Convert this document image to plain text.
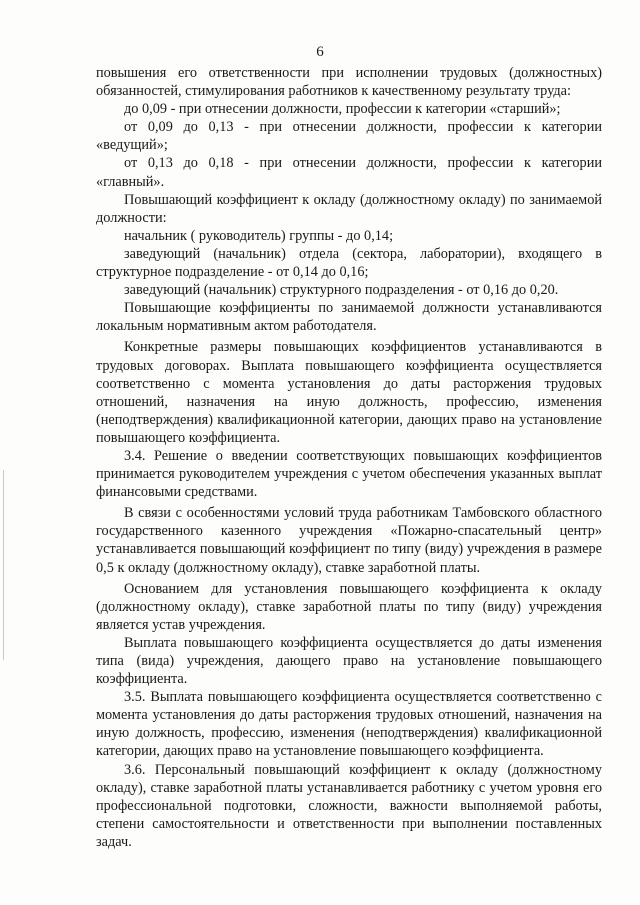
6

повышения его ответственности при исполнении трудовых (должностных) обязанностей, стимулирования работников к качественному результату труда:

до 0,09 - при отнесении должности, профессии к категории «старший»;

от 0,09 до 0,13 - при отнесении должности, профессии к категории «ведущий»;

от 0,13 до 0,18 - при отнесении должности, профессии к категории «главный».

Повышающий коэффициент к окладу (должностному окладу) по занимаемой должности:

начальник ( руководитель) группы - до 0,14;

заведующий (начальник) отдела (сектора, лаборатории), входящего в структурное подразделение - от 0,14 до 0,16;

заведующий (начальник) структурного подразделения - от 0,16 до 0,20.

Повышающие коэффициенты по занимаемой должности устанавливаются локальным нормативным актом работодателя.

Конкретные размеры повышающих коэффициентов устанавливаются в трудовых договорах. Выплата повышающего коэффициента осуществляется соответственно с момента установления до даты расторжения трудовых отношений, назначения на иную должность, профессию, изменения (неподтверждения) квалификационной категории, дающих право на установление повышающего коэффициента.

3.4. Решение о введении соответствующих повышающих коэффициентов принимается руководителем учреждения с учетом обеспечения указанных выплат финансовыми средствами.

В связи с особенностями условий труда работникам Тамбовского областного государственного казенного учреждения «Пожарно-спасательный центр» устанавливается повышающий коэффициент по типу (виду) учреждения в размере 0,5 к окладу (должностному окладу), ставке заработной платы.

Основанием для установления повышающего коэффициента к окладу (должностному окладу), ставке заработной платы по типу (виду) учреждения является устав учреждения.

Выплата повышающего коэффициента осуществляется до даты изменения типа (вида) учреждения, дающего право на установление повышающего коэффициента.

3.5. Выплата повышающего коэффициента осуществляется соответственно с момента установления до даты расторжения трудовых отношений, назначения на иную должность, профессию, изменения (неподтверждения) квалификационной категории, дающих право на установление повышающего коэффициента.

3.6. Персональный повышающий коэффициент к окладу (должностному окладу), ставке заработной платы устанавливается работнику с учетом уровня его профессиональной подготовки, сложности, важности выполняемой работы, степени самостоятельности и ответственности при выполнении поставленных задач.
